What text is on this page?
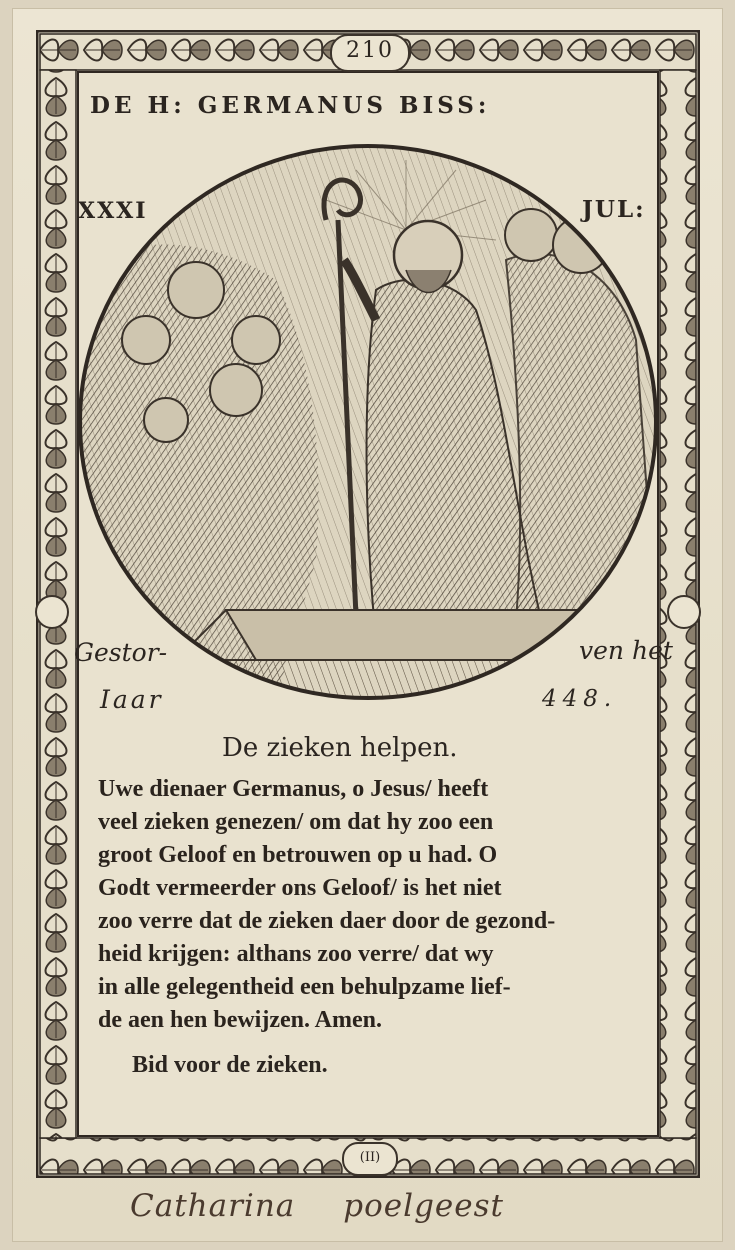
210
(II)
DE H: GERMANUS BISS:
XXXI	JUL:
Gestor-	ven het
Iaar	448.
De zieken helpen.
Uwe dienaer Germanus, o Jesus/ heeft
veel zieken genezen/ om dat hy zoo een
groot Geloof en betrouwen op u had. O
Godt vermeerder ons Geloof/ is het niet
zoo verre dat de zieken daer door de gezond-
heid krijgen: althans zoo verre/ dat wy
in alle gelegentheid een behulpzame lief-
de aen hen bewijzen. Amen.
Bid voor de zieken.
Catharina poelgeest
